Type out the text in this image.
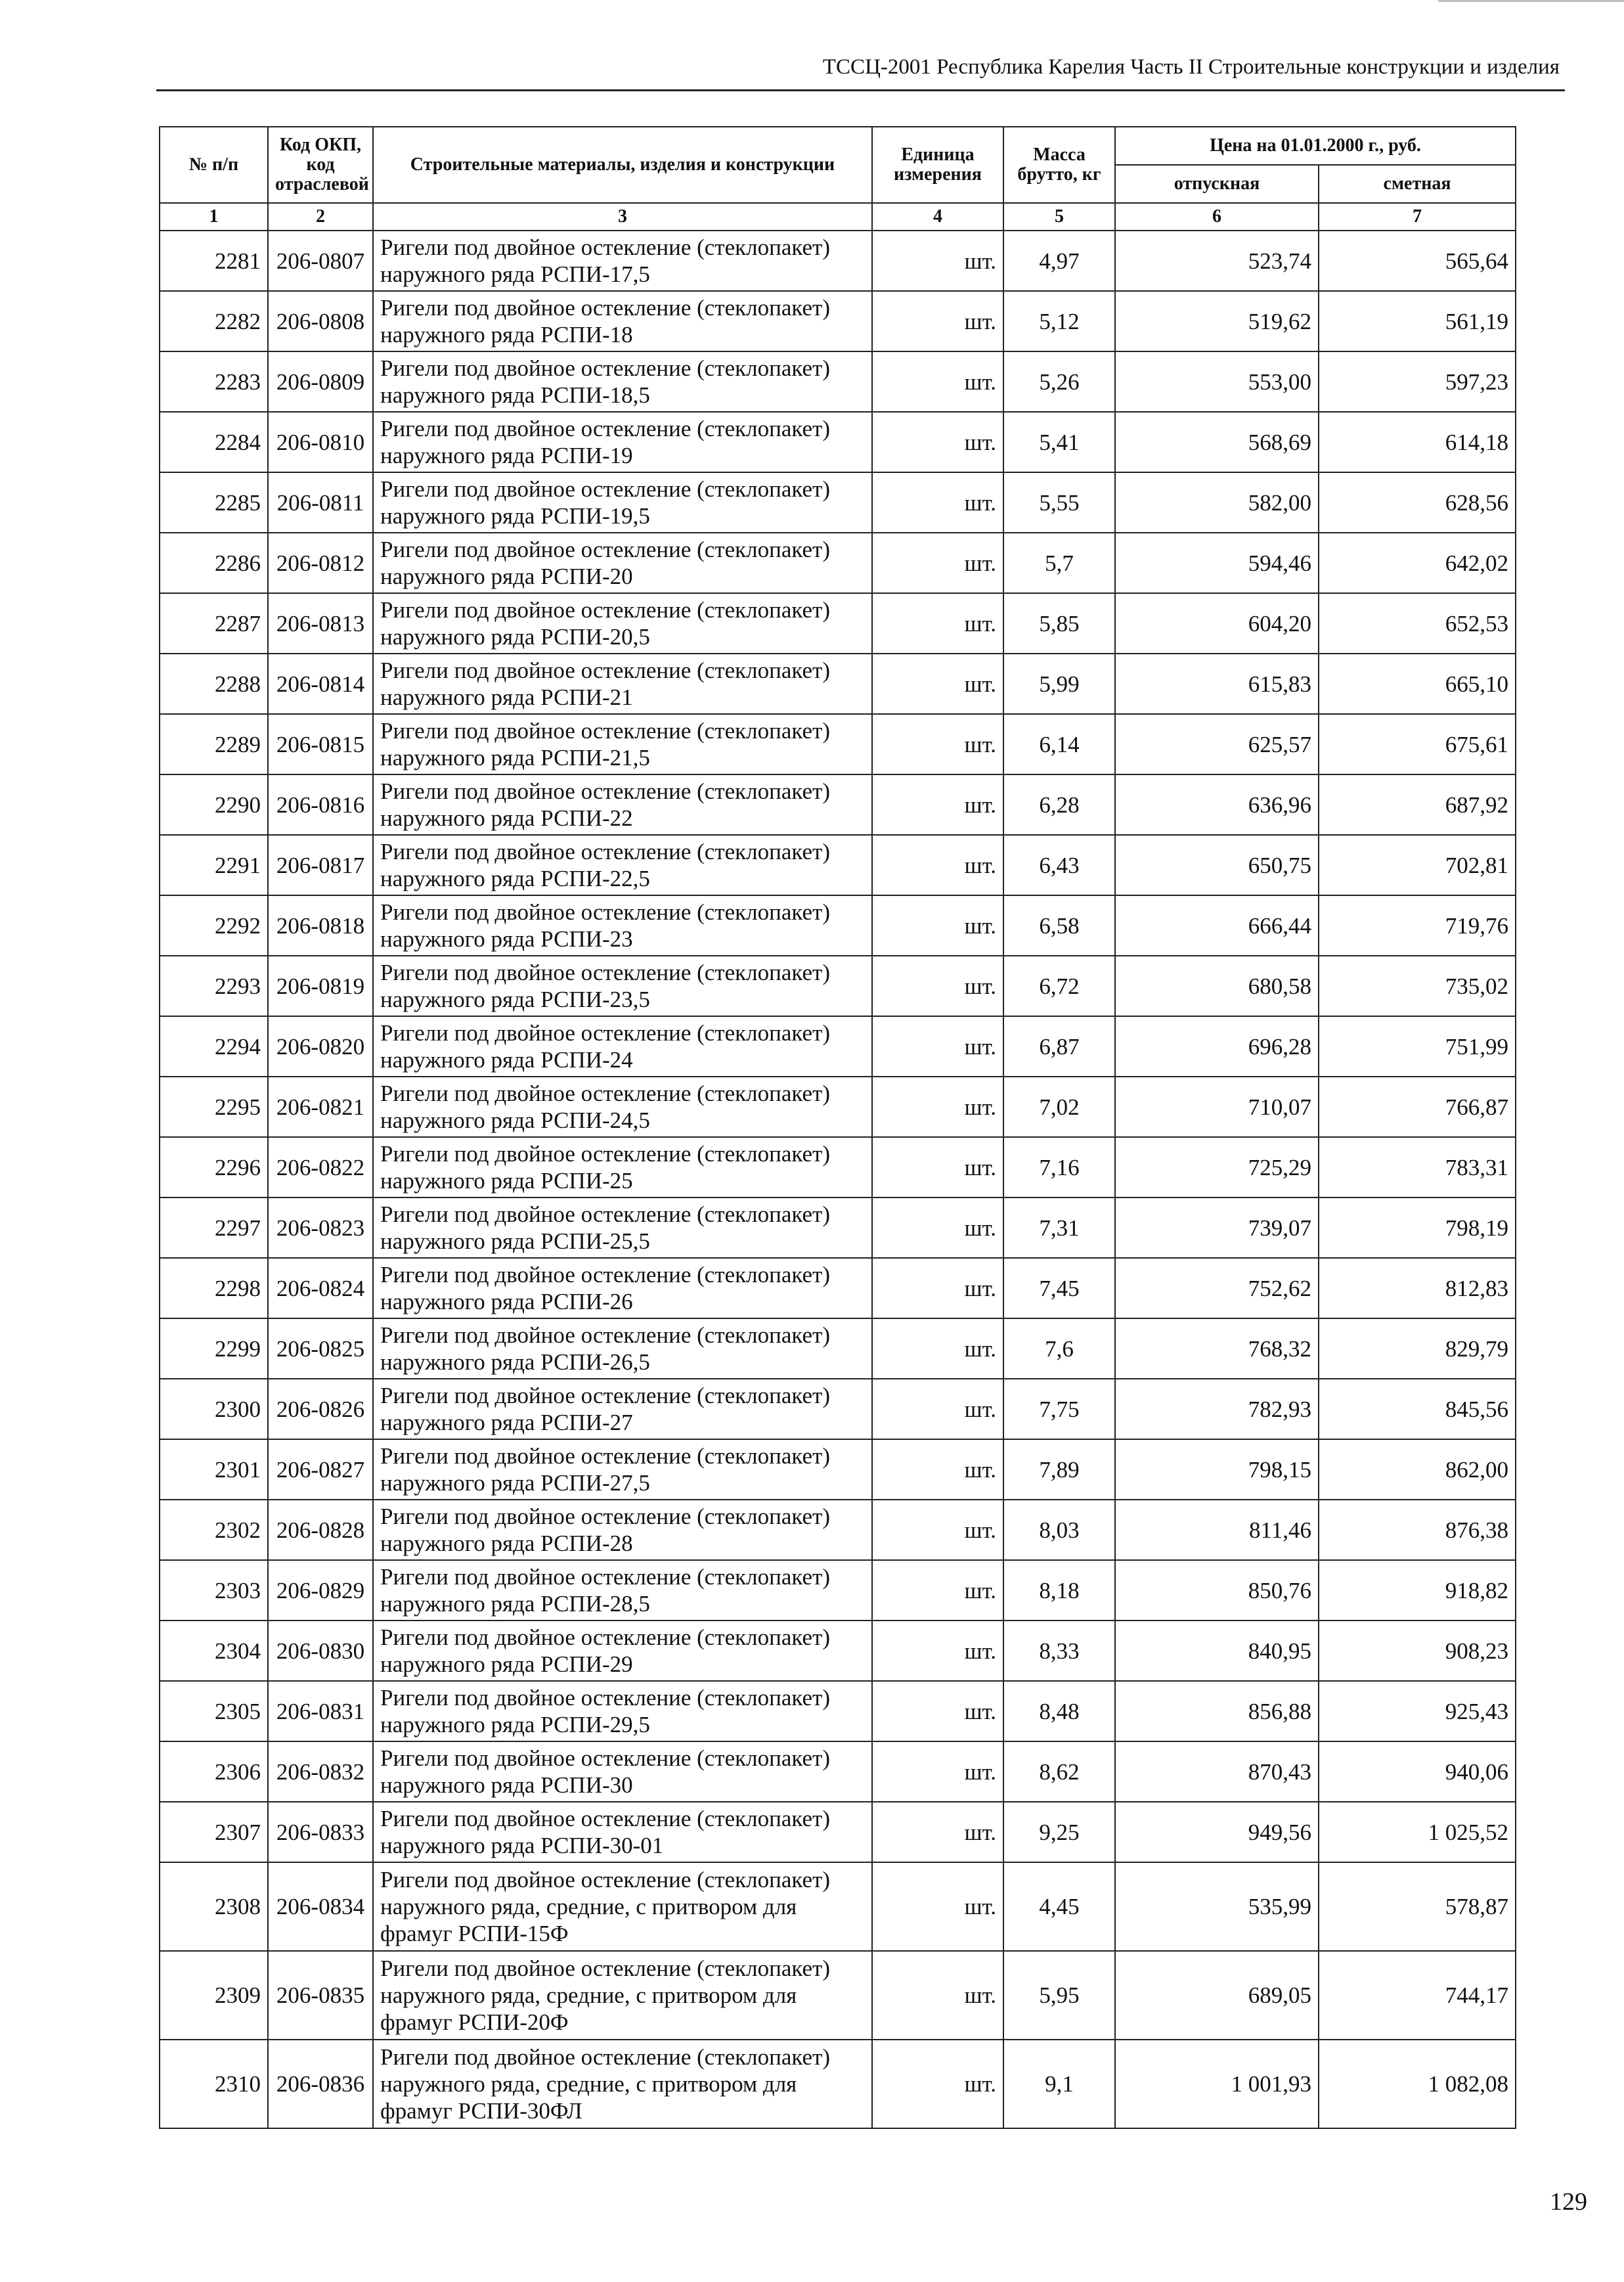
ТССЦ-2001 Республика Карелия Часть II Строительные конструкции и изделия
№ п/п	Код ОКП, код отраслевой	Строительные материалы, изделия и конструкции	Единица измерения	Масса брутто, кг	Цена на 01.01.2000 г., руб.	
					отпускная	сметная
1	2	3	4	5	6	7
2281	206-0807	Ригели под двойное остекление (стеклопакет) наружного ряда РСПИ-17,5	шт.	4,97	523,74	565,64
2282	206-0808	Ригели под двойное остекление (стеклопакет) наружного ряда РСПИ-18	шт.	5,12	519,62	561,19
2283	206-0809	Ригели под двойное остекление (стеклопакет) наружного ряда РСПИ-18,5	шт.	5,26	553,00	597,23
2284	206-0810	Ригели под двойное остекление (стеклопакет) наружного ряда РСПИ-19	шт.	5,41	568,69	614,18
2285	206-0811	Ригели под двойное остекление (стеклопакет) наружного ряда РСПИ-19,5	шт.	5,55	582,00	628,56
2286	206-0812	Ригели под двойное остекление (стеклопакет) наружного ряда РСПИ-20	шт.	5,7	594,46	642,02
2287	206-0813	Ригели под двойное остекление (стеклопакет) наружного ряда РСПИ-20,5	шт.	5,85	604,20	652,53
2288	206-0814	Ригели под двойное остекление (стеклопакет) наружного ряда РСПИ-21	шт.	5,99	615,83	665,10
2289	206-0815	Ригели под двойное остекление (стеклопакет) наружного ряда РСПИ-21,5	шт.	6,14	625,57	675,61
2290	206-0816	Ригели под двойное остекление (стеклопакет) наружного ряда РСПИ-22	шт.	6,28	636,96	687,92
2291	206-0817	Ригели под двойное остекление (стеклопакет) наружного ряда РСПИ-22,5	шт.	6,43	650,75	702,81
2292	206-0818	Ригели под двойное остекление (стеклопакет) наружного ряда РСПИ-23	шт.	6,58	666,44	719,76
2293	206-0819	Ригели под двойное остекление (стеклопакет) наружного ряда РСПИ-23,5	шт.	6,72	680,58	735,02
2294	206-0820	Ригели под двойное остекление (стеклопакет) наружного ряда РСПИ-24	шт.	6,87	696,28	751,99
2295	206-0821	Ригели под двойное остекление (стеклопакет) наружного ряда РСПИ-24,5	шт.	7,02	710,07	766,87
2296	206-0822	Ригели под двойное остекление (стеклопакет) наружного ряда РСПИ-25	шт.	7,16	725,29	783,31
2297	206-0823	Ригели под двойное остекление (стеклопакет) наружного ряда РСПИ-25,5	шт.	7,31	739,07	798,19
2298	206-0824	Ригели под двойное остекление (стеклопакет) наружного ряда РСПИ-26	шт.	7,45	752,62	812,83
2299	206-0825	Ригели под двойное остекление (стеклопакет) наружного ряда РСПИ-26,5	шт.	7,6	768,32	829,79
2300	206-0826	Ригели под двойное остекление (стеклопакет) наружного ряда РСПИ-27	шт.	7,75	782,93	845,56
2301	206-0827	Ригели под двойное остекление (стеклопакет) наружного ряда РСПИ-27,5	шт.	7,89	798,15	862,00
2302	206-0828	Ригели под двойное остекление (стеклопакет) наружного ряда РСПИ-28	шт.	8,03	811,46	876,38
2303	206-0829	Ригели под двойное остекление (стеклопакет) наружного ряда РСПИ-28,5	шт.	8,18	850,76	918,82
2304	206-0830	Ригели под двойное остекление (стеклопакет) наружного ряда РСПИ-29	шт.	8,33	840,95	908,23
2305	206-0831	Ригели под двойное остекление (стеклопакет) наружного ряда РСПИ-29,5	шт.	8,48	856,88	925,43
2306	206-0832	Ригели под двойное остекление (стеклопакет) наружного ряда РСПИ-30	шт.	8,62	870,43	940,06
2307	206-0833	Ригели под двойное остекление (стеклопакет) наружного ряда РСПИ-30-01	шт.	9,25	949,56	1 025,52
2308	206-0834	Ригели под двойное остекление (стеклопакет) наружного ряда, средние, с притвором для фрамуг РСПИ-15Ф	шт.	4,45	535,99	578,87
2309	206-0835	Ригели под двойное остекление (стеклопакет) наружного ряда, средние, с притвором для фрамуг РСПИ-20Ф	шт.	5,95	689,05	744,17
2310	206-0836	Ригели под двойное остекление (стеклопакет) наружного ряда, средние, с притвором для фрамуг РСПИ-30ФЛ	шт.	9,1	1 001,93	1 082,08
129
